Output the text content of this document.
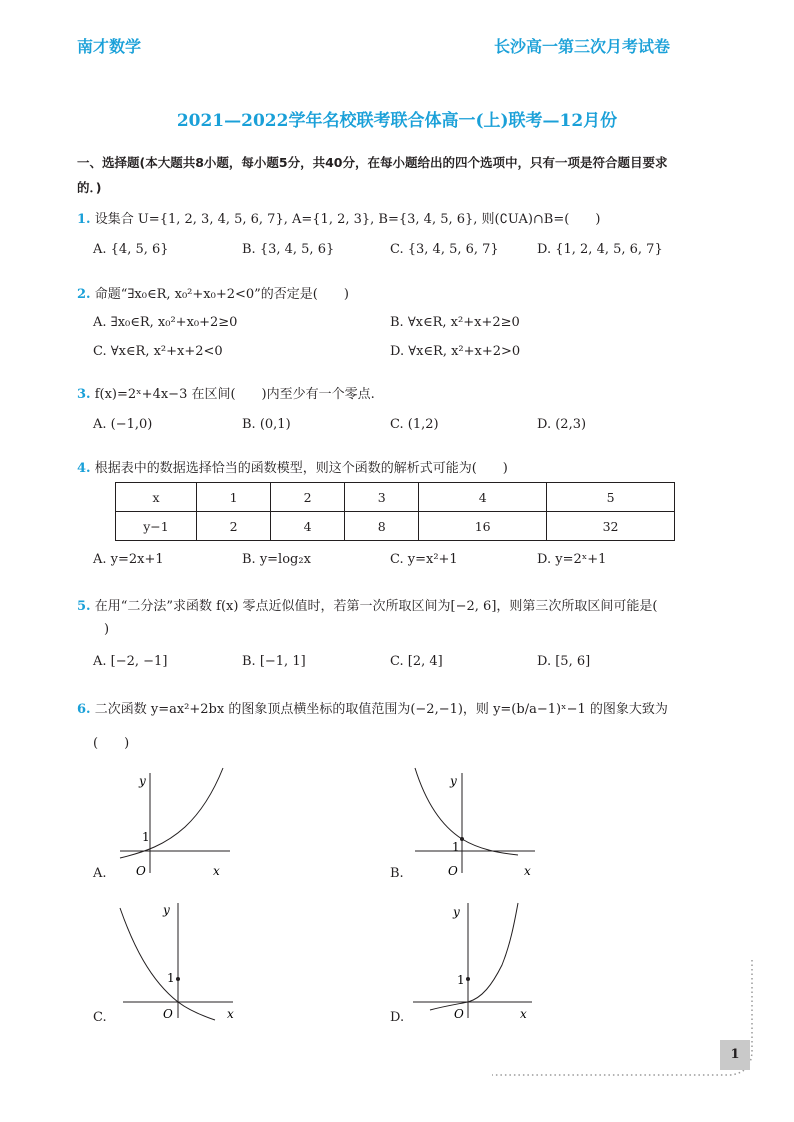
南才数学	长沙高一第三次月考试卷
2021—2022学年名校联考联合体高一(上)联考—12月份
一、选择题(本大题共8小题，每小题5分，共40分，在每小题给出的四个选项中，只有一项是符合题目要求
的．)
1. 设集合 U={1, 2, 3, 4, 5, 6, 7}, A={1, 2, 3}, B={3, 4, 5, 6}, 则(∁UA)∩B=(　　)
A. {4, 5, 6}	B. {3, 4, 5, 6}	C. {3, 4, 5, 6, 7}	D. {1, 2, 4, 5, 6, 7}
2. 命题“∃x₀∈R, x₀²+x₀+2<0”的否定是(　　)
A. ∃x₀∈R, x₀²+x₀+2≥0	B. ∀x∈R, x²+x+2≥0
C. ∀x∈R, x²+x+2<0	D. ∀x∈R, x²+x+2>0
3. f(x)=2ˣ+4x−3 在区间(　　)内至少有一个零点.
A. (−1,0)	B. (0,1)	C. (1,2)	D. (2,3)
4. 根据表中的数据选择恰当的函数模型，则这个函数的解析式可能为(　　)
x	1	2	3	4	5
y−1	2	4	8	16	32
A. y=2x+1	B. y=log₂x	C. y=x²+1	D. y=2ˣ+1
5. 在用“二分法”求函数 f(x) 零点近似值时，若第一次所取区间为[−2, 6]，则第三次所取区间可能是(
)
A. [−2, −1]	B. [−1, 1]	C. [2, 4]	D. [5, 6]
6. 二次函数 y=ax²+2bx 的图象顶点横坐标的取值范围为(−2,−1)，则 y=(b/a−1)ˣ−1 的图象大致为
(　　)
A.
y
x
O
1
B.
y
x
O
1
C.
y
x
O
1
D.
y
x
O
1
1
